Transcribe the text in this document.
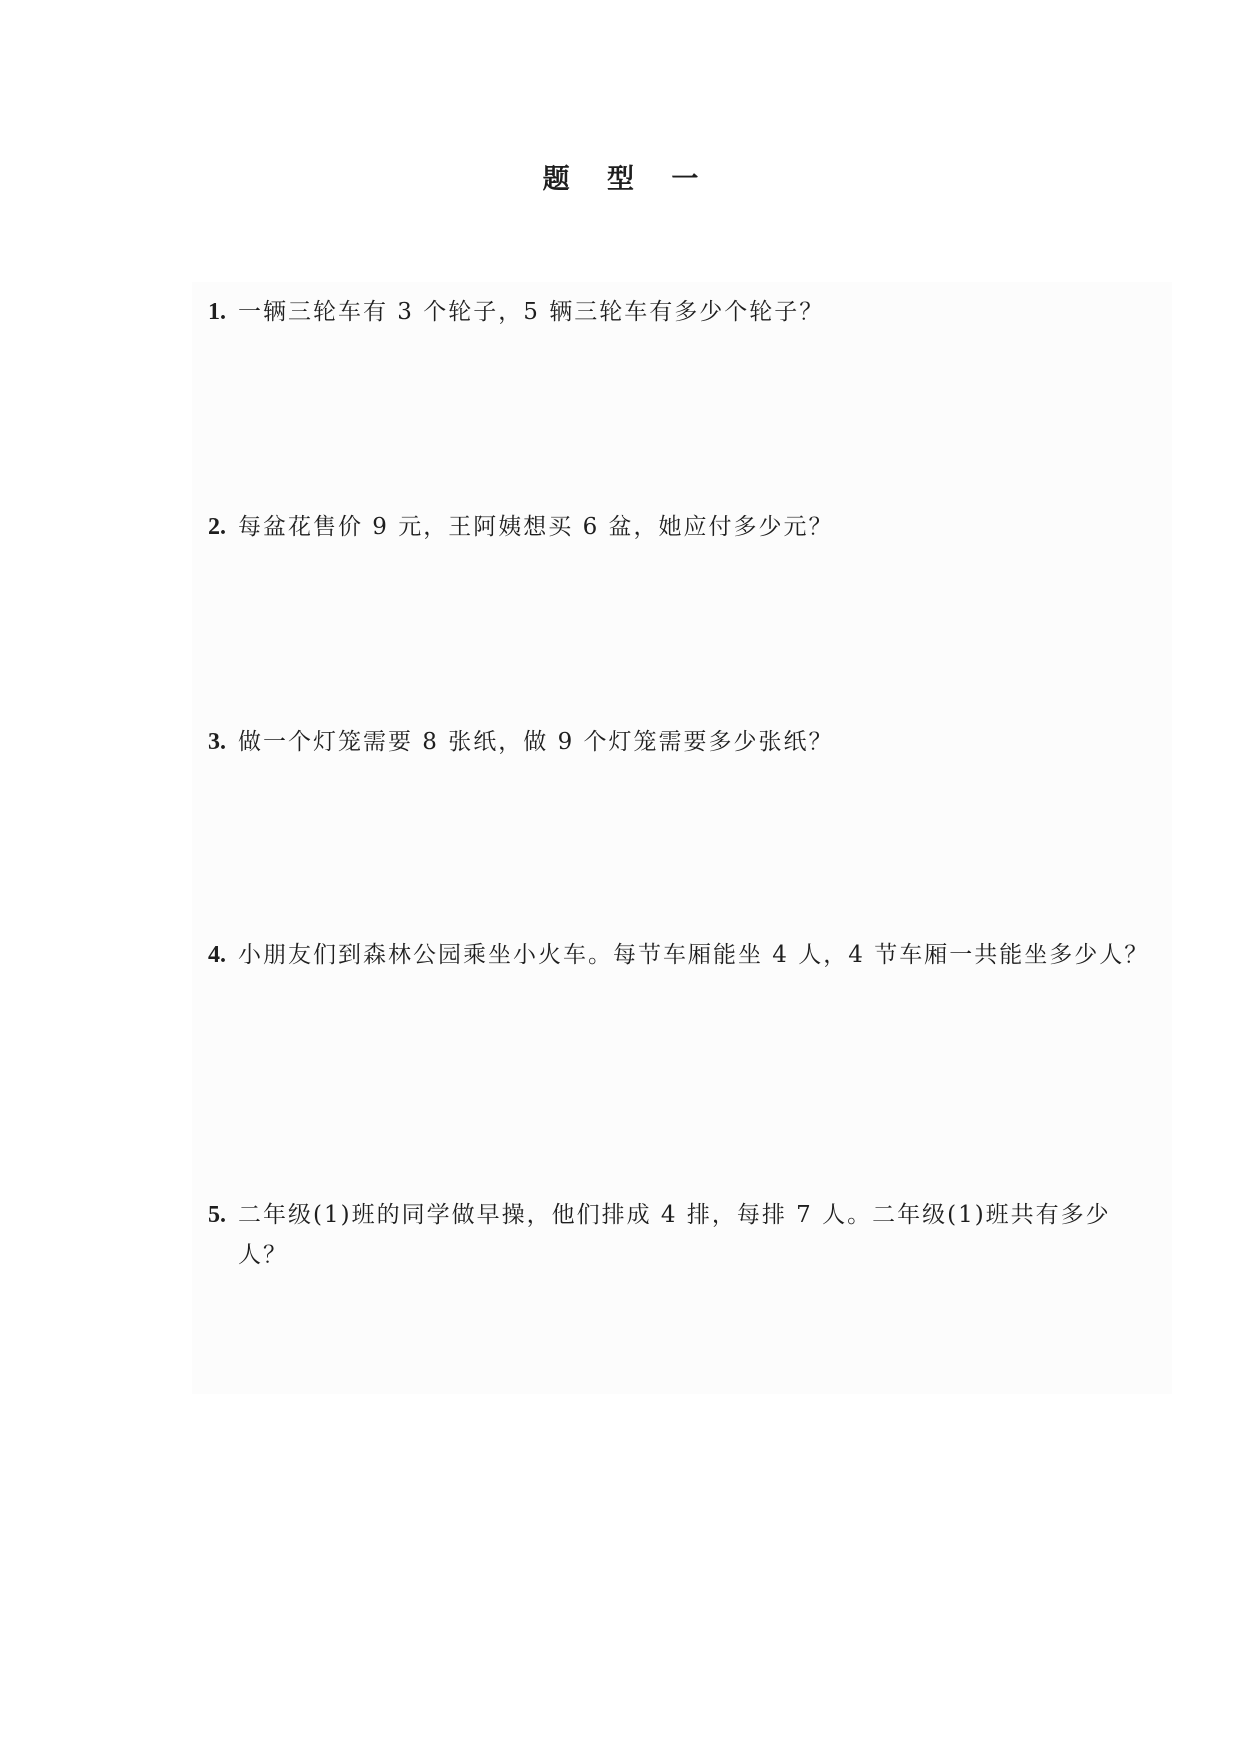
题 型 一
1. 一辆三轮车有 3 个轮子，5 辆三轮车有多少个轮子？
2. 每盆花售价 9 元，王阿姨想买 6 盆，她应付多少元？
3. 做一个灯笼需要 8 张纸，做 9 个灯笼需要多少张纸？
4. 小朋友们到森林公园乘坐小火车。每节车厢能坐 4 人，4 节车厢一共能坐多少人？
5. 二年级(1)班的同学做早操，他们排成 4 排，每排 7 人。二年级(1)班共有多少人？
